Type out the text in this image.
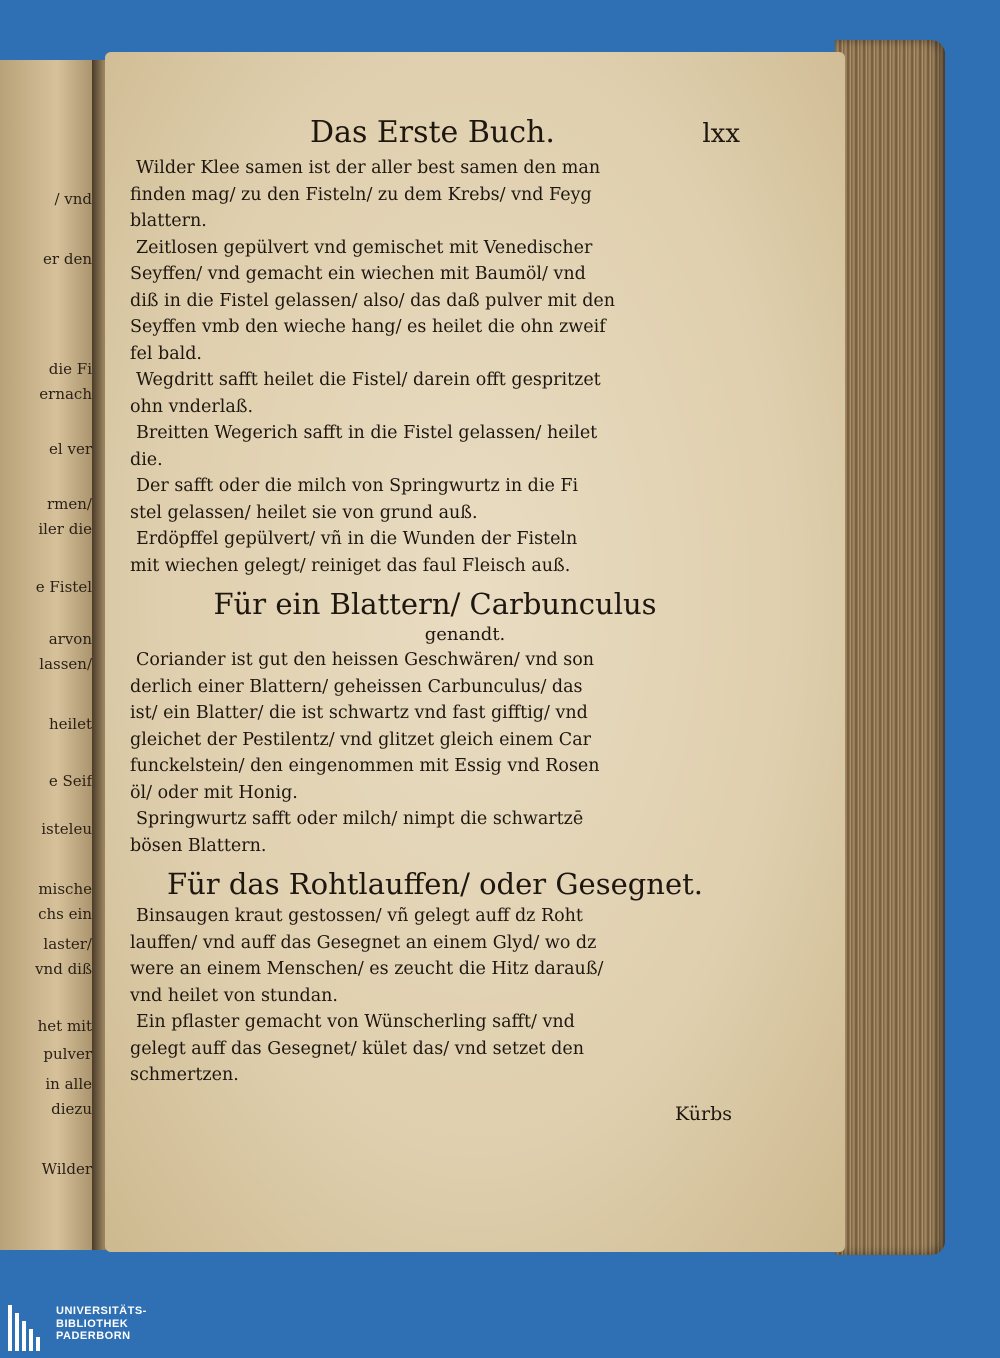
/ vnd
er den
die Fi
ernach
el ver
rmen/
iler die
e Fistel
arvon
lassen/
heilet
e Seif
isteleu
mische
chs ein
laster/
vnd diß
het mit
pulver
in alle
diezu
Wilder
Das Erste Buch.	lxx
Wilder Klee samen ist der aller best samen den man
finden mag/ zu den Fisteln/ zu dem Krebs/ vnd Feyg
blattern.
Zeitlosen gepülvert vnd gemischet mit Venedischer
Seyffen/ vnd gemacht ein wiechen mit Baumöl/ vnd
diß in die Fistel gelassen/ also/ das daß pulver mit den
Seyffen vmb den wieche hang/ es heilet die ohn zweif
fel bald.
Wegdritt safft heilet die Fistel/ darein offt gespritzet
ohn vnderlaß.
Breitten Wegerich safft in die Fistel gelassen/ heilet
die.
Der safft oder die milch von Springwurtz in die Fi
stel gelassen/ heilet sie von grund auß.
Erdöpffel gepülvert/ vñ in die Wunden der Fisteln
mit wiechen gelegt/ reiniget das faul Fleisch auß.
Für ein Blattern/ Carbunculus
genandt.
Coriander ist gut den heissen Geschwären/ vnd son
derlich einer Blattern/ geheissen Carbunculus/ das
ist/ ein Blatter/ die ist schwartz vnd fast gifftig/ vnd
gleichet der Pestilentz/ vnd glitzet gleich einem Car
funckelstein/ den eingenommen mit Essig vnd Rosen
öl/ oder mit Honig.
Springwurtz safft oder milch/ nimpt die schwartzē
bösen Blattern.
Für das Rohtlauffen/ oder Gesegnet.
Binsaugen kraut gestossen/ vñ gelegt auff dz Roht
lauffen/ vnd auff das Gesegnet an einem Glyd/ wo dz
were an einem Menschen/ es zeucht die Hitz darauß/
vnd heilet von stundan.
Ein pflaster gemacht von Wünscherling safft/ vnd
gelegt auff das Gesegnet/ kület das/ vnd setzet den
schmertzen.
Kürbs
UNIVERSITÄTS-
BIBLIOTHEK
PADERBORN
